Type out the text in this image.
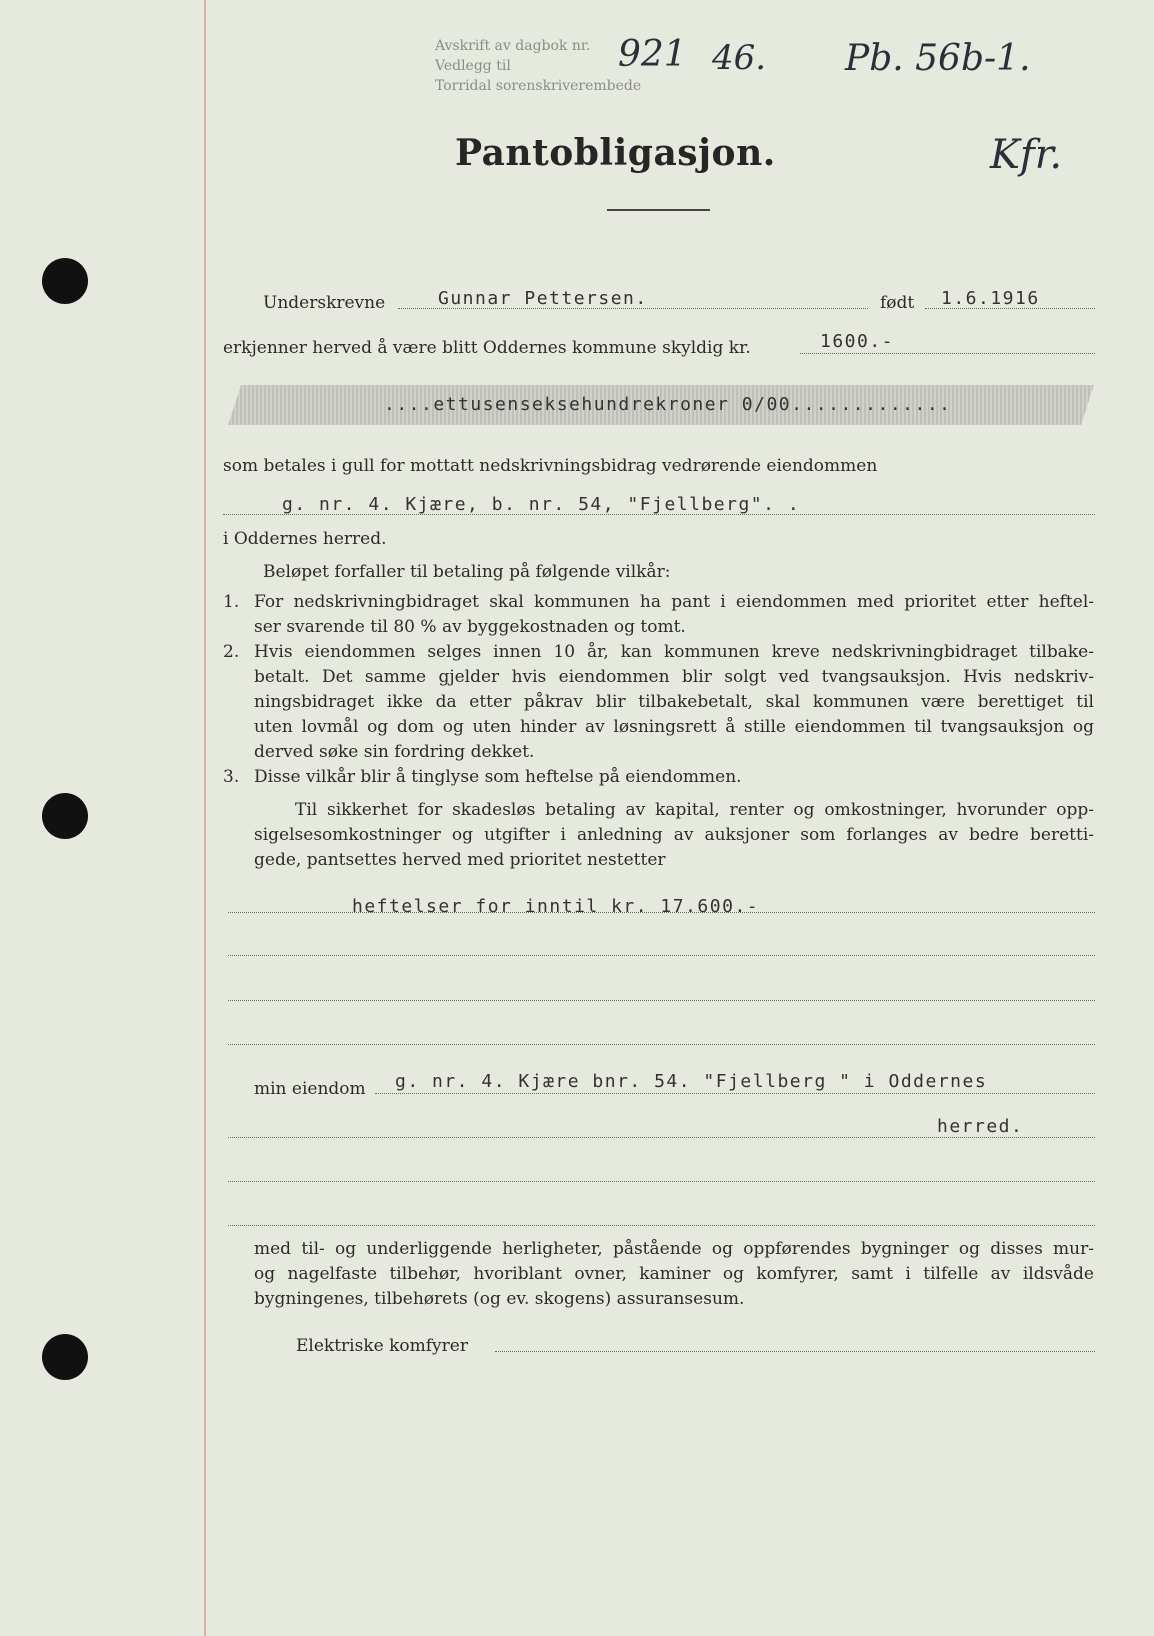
Avskrift av dagbok nr.
Vedlegg til
Torridal sorenskriverembede
921 46. Pb. 56b-1.
Kfr.
Pantobligasjon.
Underskrevne	Gunnar Pettersen.	født 1.6.1916
erkjenner herved å være blitt Oddernes kommune skyldig kr.	1600.-
....ettusenseksehundrekroner 0/00.............
som betales i gull for mottatt nedskrivningsbidrag vedrørende eiendommen
g. nr. 4. Kjære, b. nr. 54, "Fjellberg". .
i Oddernes herred.
Beløpet forfaller til betaling på følgende vilkår:
1. For nedskrivningbidraget skal kommunen ha pant i eiendommen med prioritet etter heftel-
ser svarende til 80 % av byggekostnaden og tomt.
2. Hvis eiendommen selges innen 10 år, kan kommunen kreve nedskrivningbidraget tilbake-
betalt. Det samme gjelder hvis eiendommen blir solgt ved tvangsauksjon. Hvis nedskriv-
ningsbidraget ikke da etter påkrav blir tilbakebetalt, skal kommunen være berettiget til
uten lovmål og dom og uten hinder av løsningsrett å stille eiendommen til tvangsauksjon og
derved søke sin fordring dekket.
3. Disse vilkår blir å tinglyse som heftelse på eiendommen.
Til sikkerhet for skadesløs betaling av kapital, renter og omkostninger, hvorunder opp-
sigelsesomkostninger og utgifter i anledning av auksjoner som forlanges av bedre beretti-
gede, pantsettes herved med prioritet nestetter
heftelser for inntil kr. 17.600.-
min eiendom g. nr. 4. Kjære bnr. 54. "Fjellberg " i Oddernes
herred.
med til- og underliggende herligheter, påstående og oppførendes bygninger og disses mur-
og nagelfaste tilbehør, hvoriblant ovner, kaminer og komfyrer, samt i tilfelle av ildsvåde
bygningenes, tilbehørets (og ev. skogens) assuransesum.
Elektriske komfyrer
